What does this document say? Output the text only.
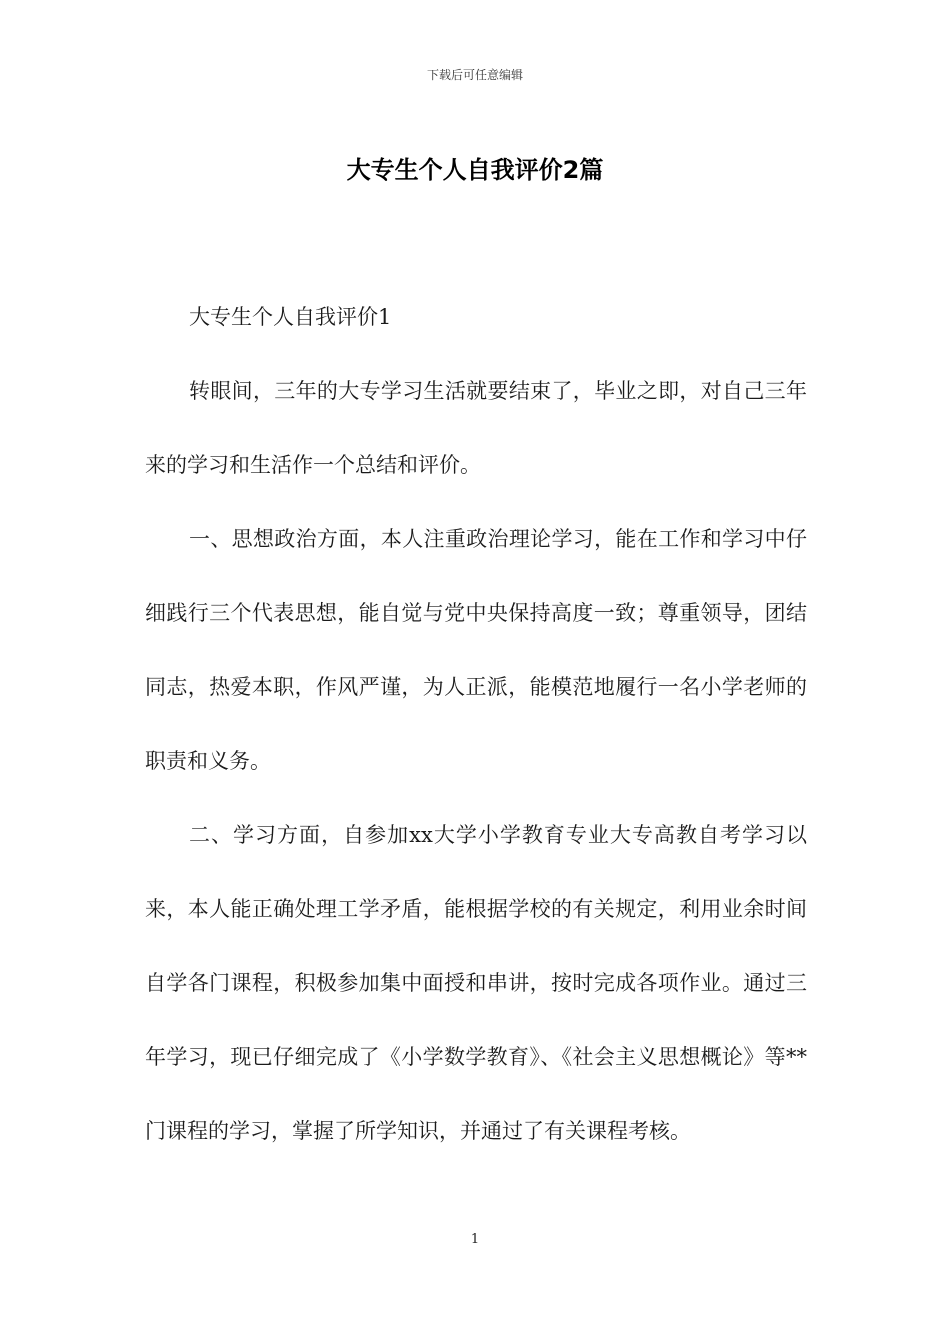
下载后可任意编辑
大专生个人自我评价2篇

大专生个人自我评价1

转眼间，三年的大专学习生活就要结束了，毕业之即，对自己三年来的学习和生活作一个总结和评价。

一、思想政治方面，本人注重政治理论学习，能在工作和学习中仔细践行三个代表思想，能自觉与党中央保持高度一致；尊重领导，团结同志，热爱本职，作风严谨，为人正派，能模范地履行一名小学老师的职责和义务。

二、学习方面，自参加xx大学小学教育专业大专高教自考学习以来，本人能正确处理工学矛盾，能根据学校的有关规定，利用业余时间自学各门课程，积极参加集中面授和串讲，按时完成各项作业。通过三年学习，现已仔细完成了《小学数学教育》、《社会主义思想概论》等**门课程的学习，掌握了所学知识，并通过了有关课程考核。

1
